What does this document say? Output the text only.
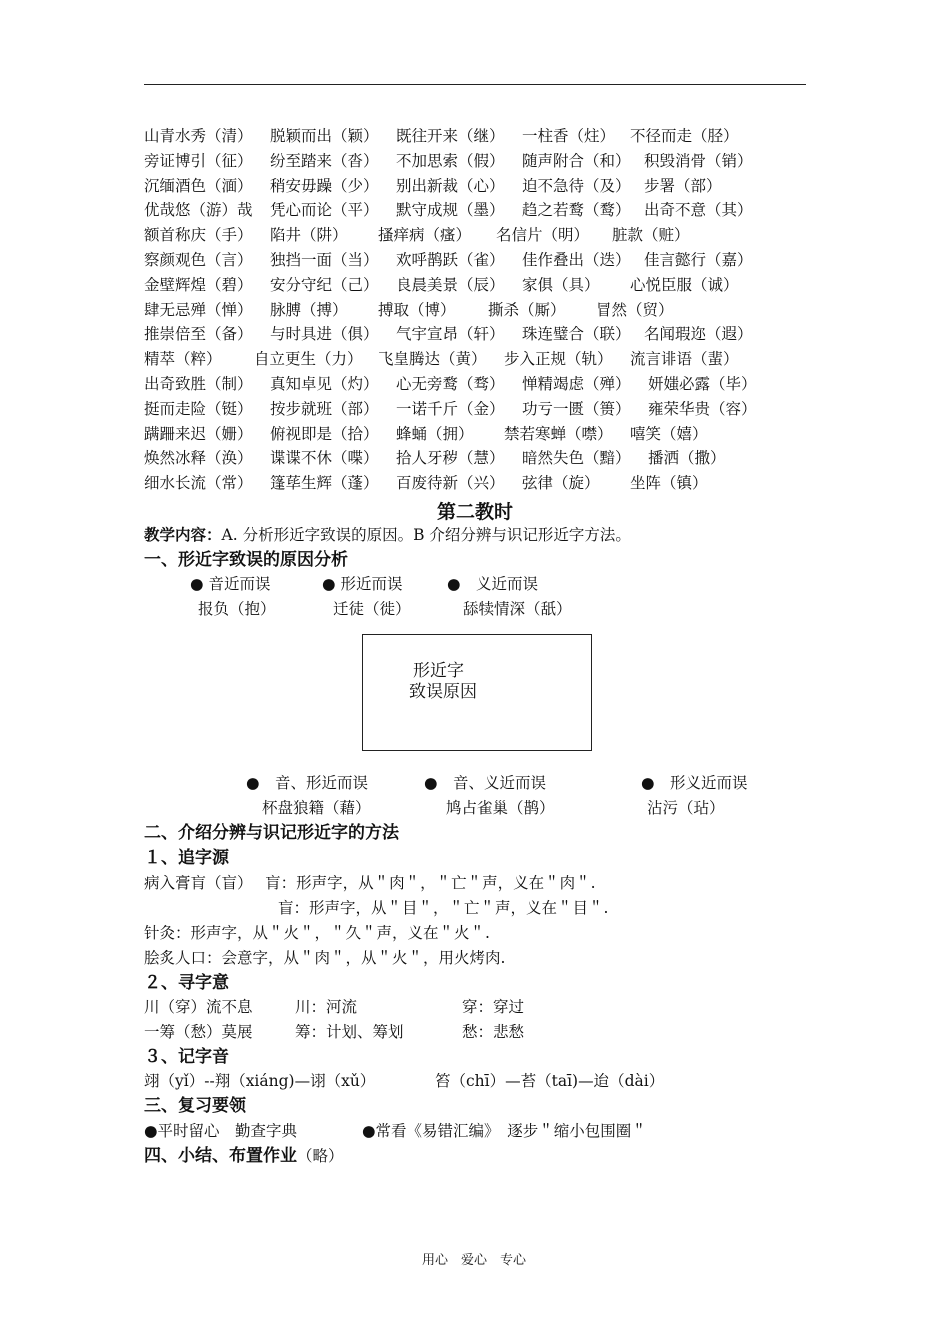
山青水秀（清） 脱颖而出（颖） 既往开来（继） 一柱香（炷） 不径而走（胫）
旁证博引（征） 纷至踏来（沓） 不加思索（假） 随声附合（和） 积毁消骨（销）
沉缅酒色（湎） 稍安毋躁（少） 别出新裁（心） 迫不急待（及） 步署（部）
优哉悠（游）哉 凭心而论（平） 默守成规（墨） 趋之若鹜（鹜） 出奇不意（其）
额首称庆（手） 陷井（阱） 搔痒病（瘙） 名信片（明） 脏款（赃）
察颜观色（言） 独挡一面（当） 欢呼鹊跃（雀） 佳作叠出（迭） 佳言懿行（嘉）
金壁辉煌（碧） 安分守纪（己） 良晨美景（辰） 家俱（具） 心悦臣服（诚）
肆无忌殚（惮） 脉膊（搏） 搏取（博） 撕杀（厮） 冒然（贸）
推崇倍至（备） 与时具进（俱） 气宇宣昂（轩） 珠连璧合（联） 名闻瑕迩（遐）
精萃（粹） 自立更生（力） 飞皇腾达（黄） 步入正规（轨） 流言诽语（蜚）
出奇致胜（制） 真知卓见（灼） 心无旁鹜（骛） 惮精竭虑（殚） 妍媸必露（毕）
挺而走险（铤） 按步就班（部） 一诺千斤（金） 功亏一匮（篑） 雍荣华贵（容）
蹒跚来迟（姗） 俯视即是（拾） 蜂蛹（拥） 禁若寒蝉（噤） 嘻笑（嬉）
焕然冰释（涣） 谍谍不休（喋） 拾人牙秽（慧） 暗然失色（黯） 播洒（撒）
细水长流（常） 篷荜生辉（蓬） 百废待新（兴） 弦律（旋） 坐阵（镇）
第二教时
教学内容：A. 分析形近字致误的原因。B 介绍分辨与识记形近字方法。
一、形近字致误的原因分析
● 音近而误	● 形近而误	●　义近而误
报负（抱）	迁徒（徙）	舔犊情深（舐）
形近字
致误原因
●　音、形近而误	●　音、义近而误	●　形义近而误
杯盘狼籍（藉）	鸠占雀巢（鹊）	沾污（玷）
二、介绍分辨与识记形近字的方法
１、追字源
病入膏肓（盲）　 肓：形声字，从＂肉＂，＂亡＂声，义在＂肉＂.
盲：形声字，从＂目＂，＂亡＂声，义在＂目＂.
针灸：形声字，从＂火＂，＂久＂声，义在＂火＂.
脍炙人口：会意字，从＂肉＂，从＂火＂，用火烤肉.
２、寻字意
川（穿）流不息	川：河流	穿：穿过
一筹（愁）莫展	筹：计划、筹划	愁：悲愁
３、记字音
翊（yǐ）--翔（xiáng)—诩（xǔ）	笞（chī）—苔（taī)—迨（dài）
三、复习要领
●平时留心　勤查字典	●常看《易错汇编》　逐步＂缩小包围圈＂
四、小结、布置作业（略）
用心　爱心　专心
